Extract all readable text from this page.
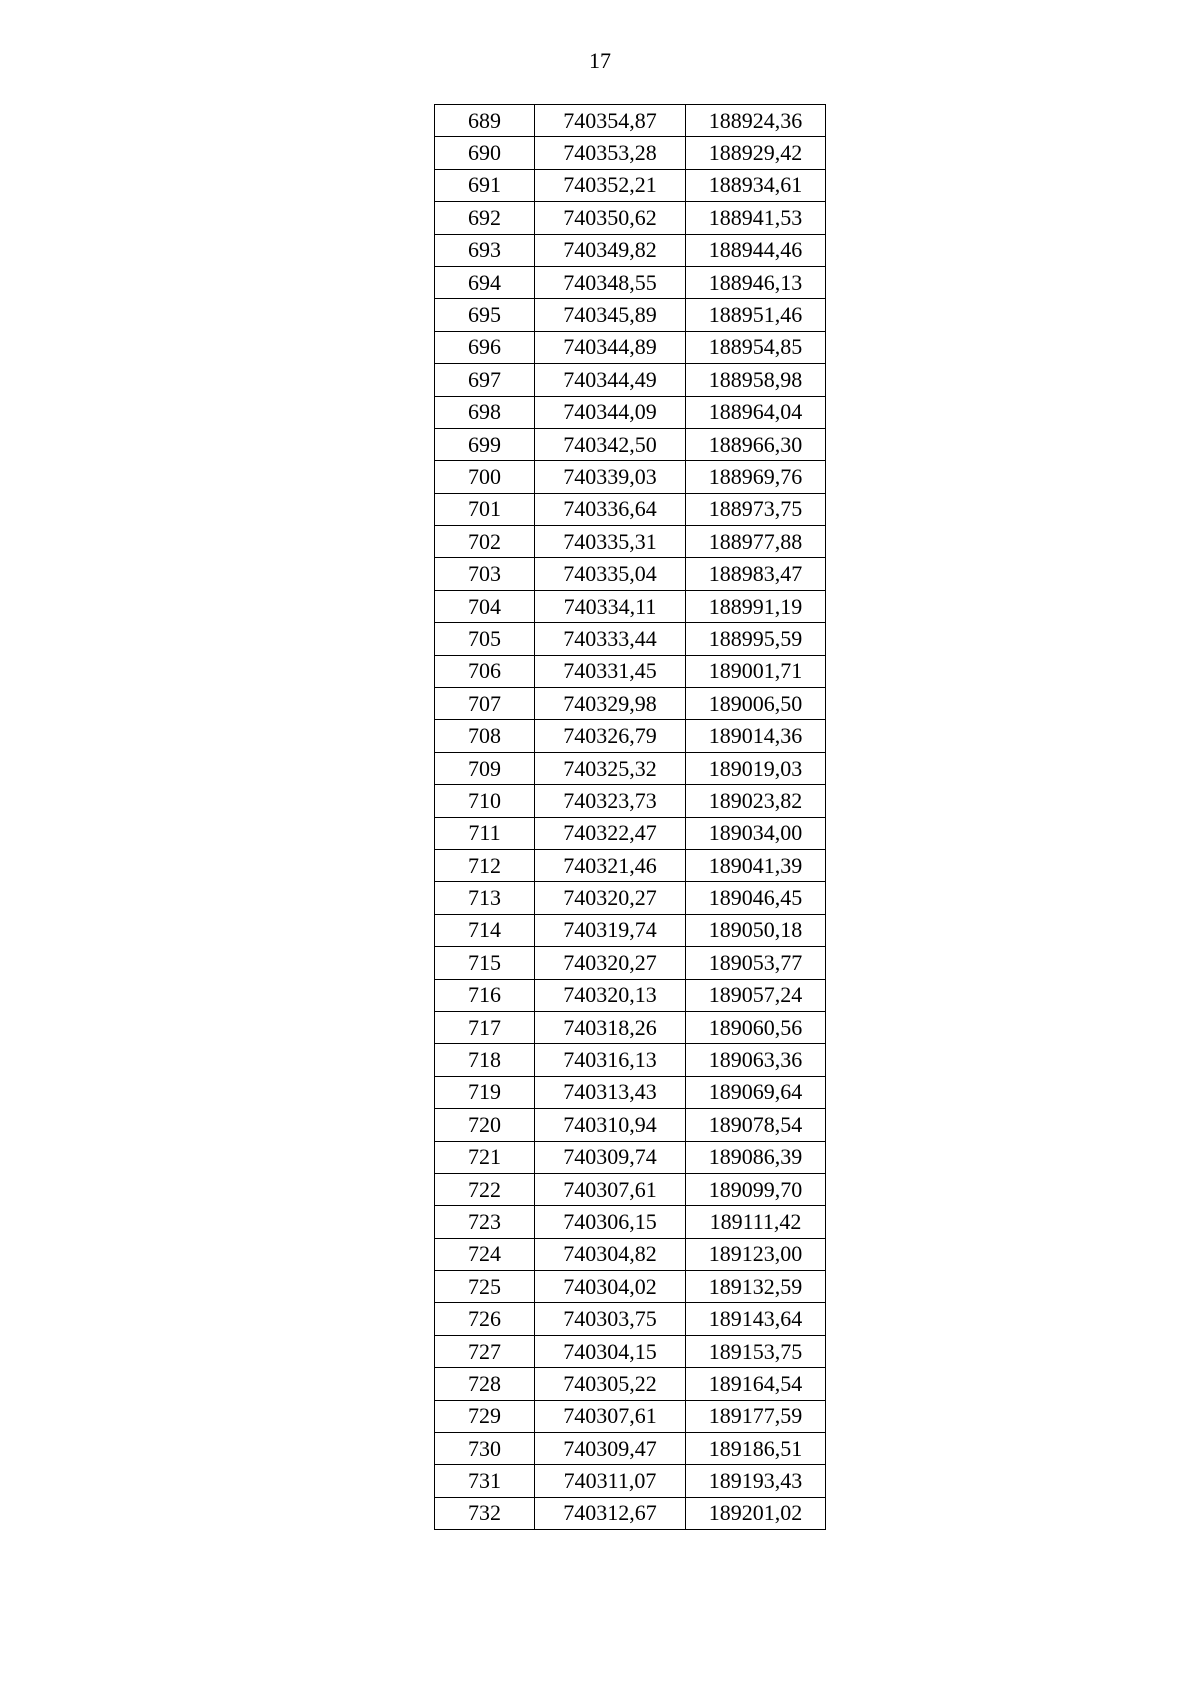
17
689	740354,87	188924,36
690	740353,28	188929,42
691	740352,21	188934,61
692	740350,62	188941,53
693	740349,82	188944,46
694	740348,55	188946,13
695	740345,89	188951,46
696	740344,89	188954,85
697	740344,49	188958,98
698	740344,09	188964,04
699	740342,50	188966,30
700	740339,03	188969,76
701	740336,64	188973,75
702	740335,31	188977,88
703	740335,04	188983,47
704	740334,11	188991,19
705	740333,44	188995,59
706	740331,45	189001,71
707	740329,98	189006,50
708	740326,79	189014,36
709	740325,32	189019,03
710	740323,73	189023,82
711	740322,47	189034,00
712	740321,46	189041,39
713	740320,27	189046,45
714	740319,74	189050,18
715	740320,27	189053,77
716	740320,13	189057,24
717	740318,26	189060,56
718	740316,13	189063,36
719	740313,43	189069,64
720	740310,94	189078,54
721	740309,74	189086,39
722	740307,61	189099,70
723	740306,15	189111,42
724	740304,82	189123,00
725	740304,02	189132,59
726	740303,75	189143,64
727	740304,15	189153,75
728	740305,22	189164,54
729	740307,61	189177,59
730	740309,47	189186,51
731	740311,07	189193,43
732	740312,67	189201,02
